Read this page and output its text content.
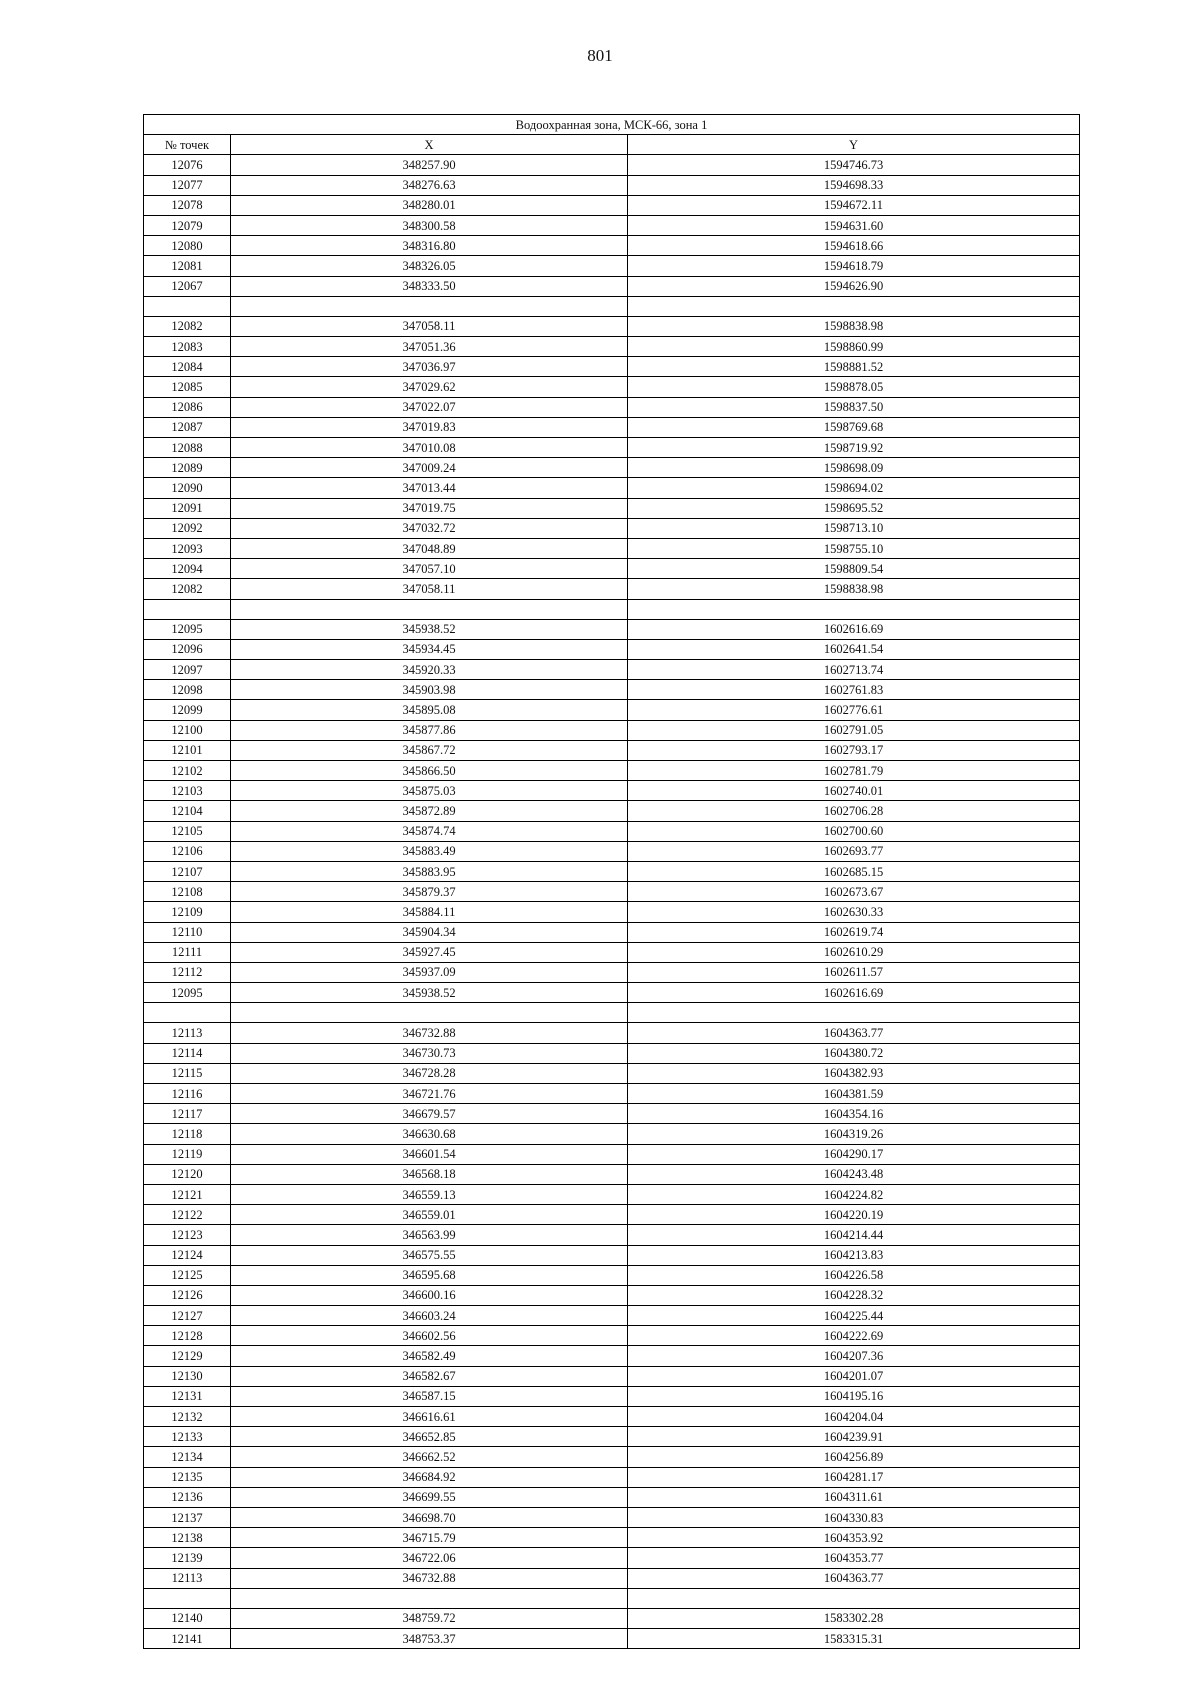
801
Водоохранная зона, МСК-66, зона 1		
№ точек	X	Y
12076	348257.90	1594746.73
12077	348276.63	1594698.33
12078	348280.01	1594672.11
12079	348300.58	1594631.60
12080	348316.80	1594618.66
12081	348326.05	1594618.79
12067	348333.50	1594626.90

12082	347058.11	1598838.98
12083	347051.36	1598860.99
12084	347036.97	1598881.52
12085	347029.62	1598878.05
12086	347022.07	1598837.50
12087	347019.83	1598769.68
12088	347010.08	1598719.92
12089	347009.24	1598698.09
12090	347013.44	1598694.02
12091	347019.75	1598695.52
12092	347032.72	1598713.10
12093	347048.89	1598755.10
12094	347057.10	1598809.54
12082	347058.11	1598838.98

12095	345938.52	1602616.69
12096	345934.45	1602641.54
12097	345920.33	1602713.74
12098	345903.98	1602761.83
12099	345895.08	1602776.61
12100	345877.86	1602791.05
12101	345867.72	1602793.17
12102	345866.50	1602781.79
12103	345875.03	1602740.01
12104	345872.89	1602706.28
12105	345874.74	1602700.60
12106	345883.49	1602693.77
12107	345883.95	1602685.15
12108	345879.37	1602673.67
12109	345884.11	1602630.33
12110	345904.34	1602619.74
12111	345927.45	1602610.29
12112	345937.09	1602611.57
12095	345938.52	1602616.69

12113	346732.88	1604363.77
12114	346730.73	1604380.72
12115	346728.28	1604382.93
12116	346721.76	1604381.59
12117	346679.57	1604354.16
12118	346630.68	1604319.26
12119	346601.54	1604290.17
12120	346568.18	1604243.48
12121	346559.13	1604224.82
12122	346559.01	1604220.19
12123	346563.99	1604214.44
12124	346575.55	1604213.83
12125	346595.68	1604226.58
12126	346600.16	1604228.32
12127	346603.24	1604225.44
12128	346602.56	1604222.69
12129	346582.49	1604207.36
12130	346582.67	1604201.07
12131	346587.15	1604195.16
12132	346616.61	1604204.04
12133	346652.85	1604239.91
12134	346662.52	1604256.89
12135	346684.92	1604281.17
12136	346699.55	1604311.61
12137	346698.70	1604330.83
12138	346715.79	1604353.92
12139	346722.06	1604353.77
12113	346732.88	1604363.77

12140	348759.72	1583302.28
12141	348753.37	1583315.31
